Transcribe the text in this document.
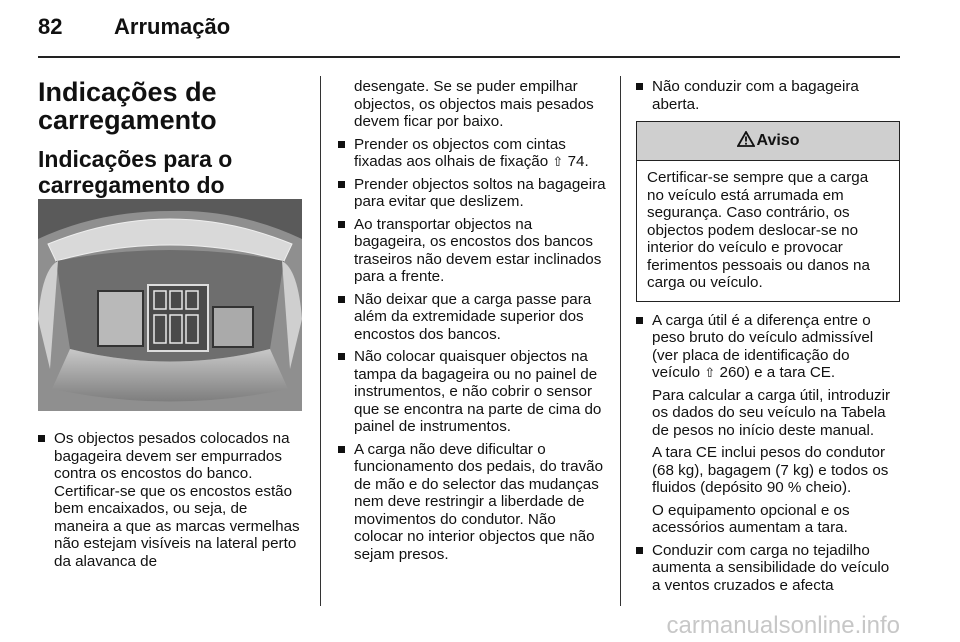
82 Arrumação
Indicações de carregamento
Indicações para o carregamento do
Os objectos pesados colocados na bagageira devem ser empurrados contra os encostos do banco. Certificar-se que os encostos estão bem encaixados, ou seja, de maneira a que as marcas vermelhas não estejam visíveis na lateral perto da alavanca de

desengate. Se se puder empilhar objectos, os objectos mais pesados devem ficar por baixo.

Prender os objectos com cintas fixadas aos olhais de fixação ⇧ 74.
Prender objectos soltos na bagageira para evitar que deslizem.
Ao transportar objectos na bagageira, os encostos dos bancos traseiros não devem estar inclinados para a frente.
Não deixar que a carga passe para além da extremidade superior dos encostos dos bancos.
Não colocar quaisquer objectos na tampa da bagageira ou no painel de instrumentos, e não cobrir o sensor que se encontra na parte de cima do painel de instrumentos.
A carga não deve dificultar o funcionamento dos pedais, do travão de mão e do selector das mudanças nem deve restringir a liberdade de movimentos do condutor. Não colocar no interior objectos que não sejam presos.
Não conduzir com a bagageira aberta.
Aviso
Certificar-se sempre que a carga no veículo está arrumada em segurança. Caso contrário, os objectos podem deslocar-se no interior do veículo e provocar ferimentos pessoais ou danos na carga ou veículo.
A carga útil é a diferença entre o peso bruto do veículo admissível (ver placa de identificação do veículo ⇧ 260) e a tara CE.
Para calcular a carga útil, introduzir os dados do seu veículo na Tabela de pesos no início deste manual.
A tara CE inclui pesos do condutor (68 kg), bagagem (7 kg) e todos os fluidos (depósito 90 % cheio).
O equipamento opcional e os acessórios aumentam a tara.
Conduzir com carga no tejadilho aumenta a sensibilidade do veículo a ventos cruzados e afecta
carmanualsonline.info
